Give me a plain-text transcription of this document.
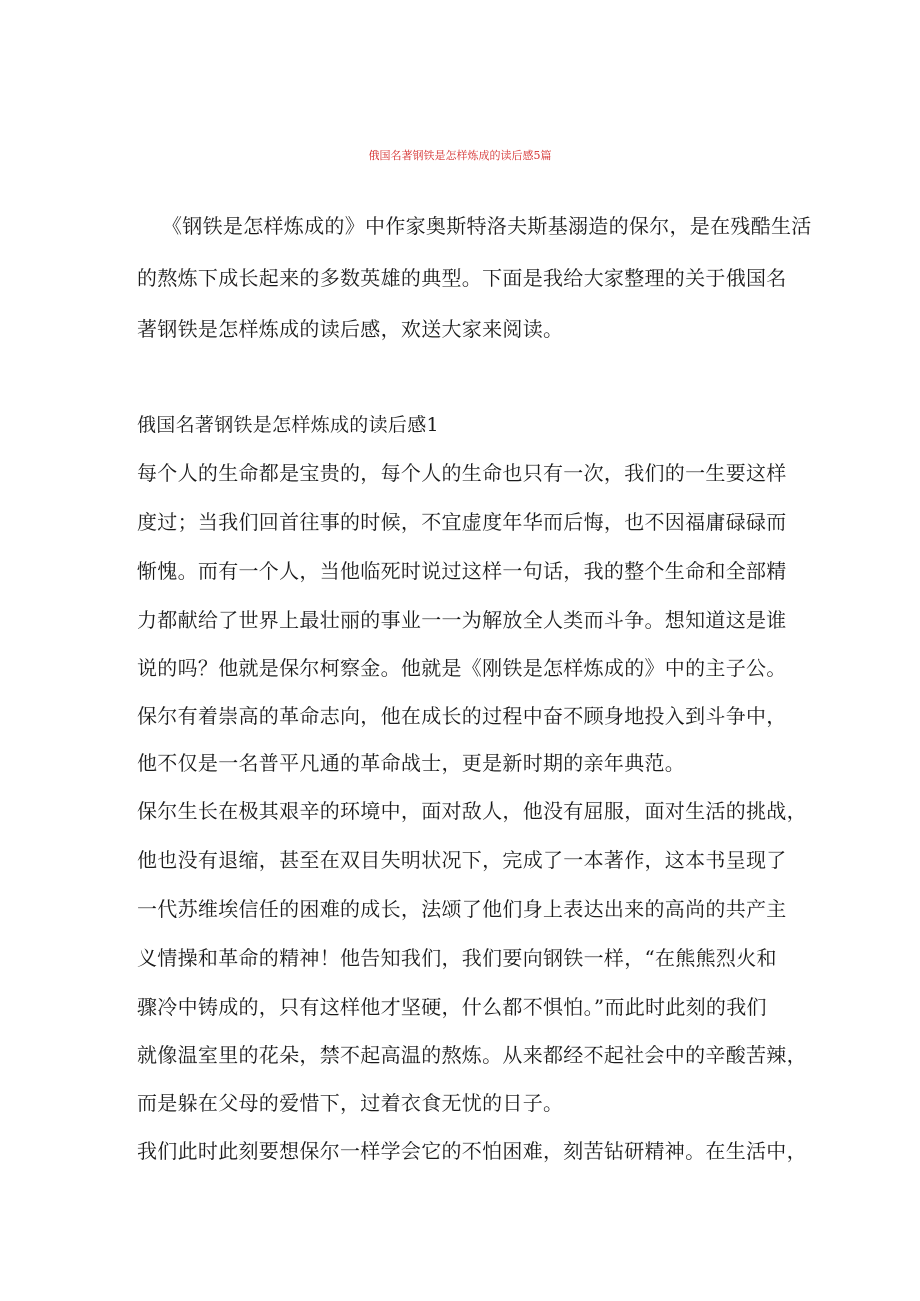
俄国名著钢铁是怎样炼成的读后感5篇
《钢铁是怎样炼成的》中作家奥斯特洛夫斯基溺造的保尔，是在残酷生活
的熬炼下成长起来的多数英雄的典型。下面是我给大家整理的关于俄国名
著钢铁是怎样炼成的读后感，欢送大家来阅读。
俄国名著钢铁是怎样炼成的读后感1
每个人的生命都是宝贵的，每个人的生命也只有一次，我们的一生要这样
度过；当我们回首往事的时候，不宜虚度年华而后悔，也不因福庸碌碌而
惭愧。而有一个人，当他临死时说过这样一句话，我的整个生命和全部精
力都献给了世界上最壮丽的事业一一为解放全人类而斗争。想知道这是谁
说的吗？他就是保尔柯察金。他就是《刚铁是怎样炼成的》中的主子公。
保尔有着崇高的革命志向，他在成长的过程中奋不顾身地投入到斗争中，
他不仅是一名普平凡通的革命战士，更是新时期的亲年典范。
保尔生长在极其艰辛的环境中，面对敌人，他没有屈服，面对生活的挑战，
他也没有退缩，甚至在双目失明状况下，完成了一本著作，这本书呈现了
一代苏维埃信任的困难的成长，法颂了他们身上表达出来的高尚的共产主
义情操和革命的精神！他告知我们，我们要向钢铁一样，“在熊熊烈火和
骤冷中铸成的，只有这样他才坚硬，什么都不惧怕。”而此时此刻的我们
就像温室里的花朵，禁不起高温的熬炼。从来都经不起社会中的辛酸苦辣，
而是躲在父母的爱惜下，过着衣食无忧的日子。
我们此时此刻要想保尔一样学会它的不怕困难，刻苦钻研精神。在生活中，
